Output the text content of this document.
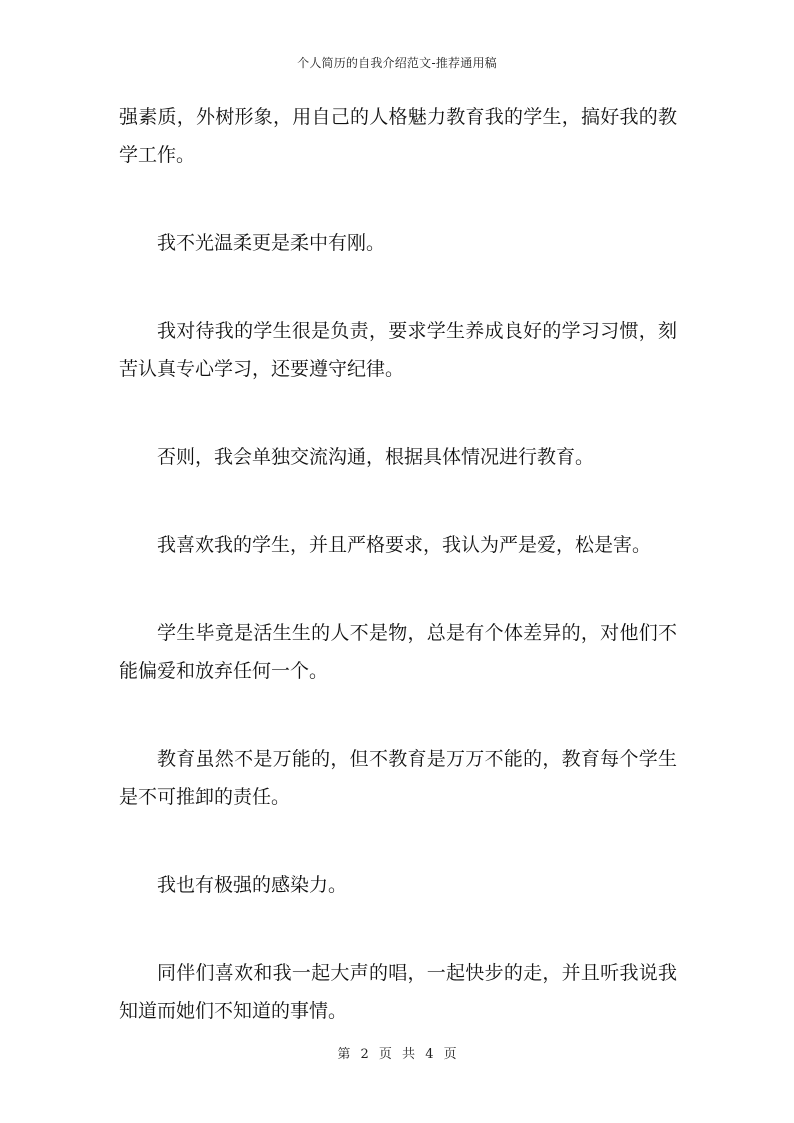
个人简历的自我介绍范文-推荐通用稿

强素质，外树形象，用自己的人格魅力教育我的学生，搞好我的教学工作。

我不光温柔更是柔中有刚。

我对待我的学生很是负责，要求学生养成良好的学习习惯，刻苦认真专心学习，还要遵守纪律。

否则，我会单独交流沟通，根据具体情况进行教育。

我喜欢我的学生，并且严格要求，我认为严是爱，松是害。

学生毕竟是活生生的人不是物，总是有个体差异的，对他们不能偏爱和放弃任何一个。

教育虽然不是万能的，但不教育是万万不能的，教育每个学生是不可推卸的责任。

我也有极强的感染力。

同伴们喜欢和我一起大声的唱，一起快步的走，并且听我说我知道而她们不知道的事情。

第 2 页 共 4 页
